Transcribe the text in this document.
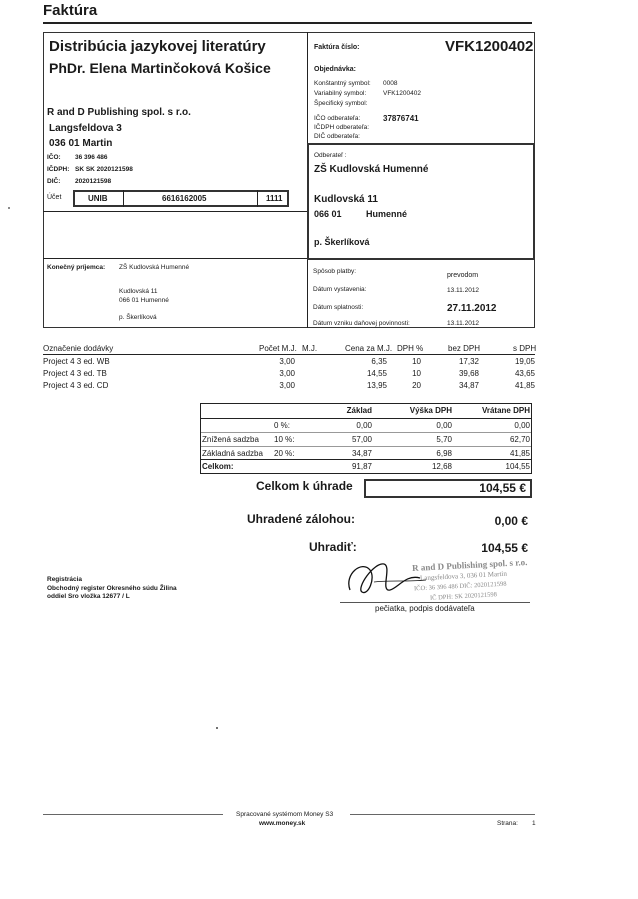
Faktúra
Distribúcia jazykovej literatúry
PhDr. Elena Martinčoková Košice
R and D Publishing spol. s r.o.
Langsfeldova 3
036 01 Martin
IČO: 36 396 486
IČDPH: SK SK 2020121598
DIČ: 2020121598
Účet	UNIB	6616162005	1111
Faktúra číslo:	VFK1200402
Objednávka:
Konštantný symbol: 0008
Variabilný symbol:	VFK1200402
Špecifický symbol:
IČO odberateľa:	37876741
IČDPH odberateľa:
DIČ odberateľa:
Odberateľ :
ZŠ Kudlovská Humenné
Kudlovská 11
066 01	Humenné
p. Škerlíková
Konečný príjemca: ZŠ Kudlovská Humenné
Kudlovská 11
066 01 Humenné
p. Škerlíková
Spôsob platby:
prevodom
Dátum vystavenia:	13.11.2012
Dátum splatnosti:	27.11.2012
Dátum vzniku daňovej povinnosti:	13.11.2012
Označenie dodávky	Počet M.J. M.J.	Cena za M.J. DPH %	bez DPH	s DPH
Project 4 3 ed. WB	3,00	6,35	10	17,32	19,05
Project 4 3 ed. TB	3,00	14,55	10	39,68	43,65
Project 4 3 ed. CD	3,00	13,95	20	34,87	41,85
Základ	Výška DPH	Vrátane DPH
0 %:	0,00	0,00	0,00
Znížená sadzba 10 %:	57,00	5,70	62,70
Základná sadzba 20 %:	34,87	6,98	41,85
Celkom:	91,87	12,68	104,55
Celkom k úhrade	104,55 €
Uhradené zálohou:	0,00 €
Uhradiť:	104,55 €
Registrácia
Obchodný register Okresného súdu Žilina
oddiel Sro vložka 12677 / L
R and D Publishing spol. s r.o.
Langsfeldova 3, 036 01 Martin
IČO: 36 396 486 DIČ: 2020121598
IČ DPH: SK 2020121598
pečiatka, podpis dodávateľa
Spracované systémom Money S3
www.money.sk	Strana: 1
